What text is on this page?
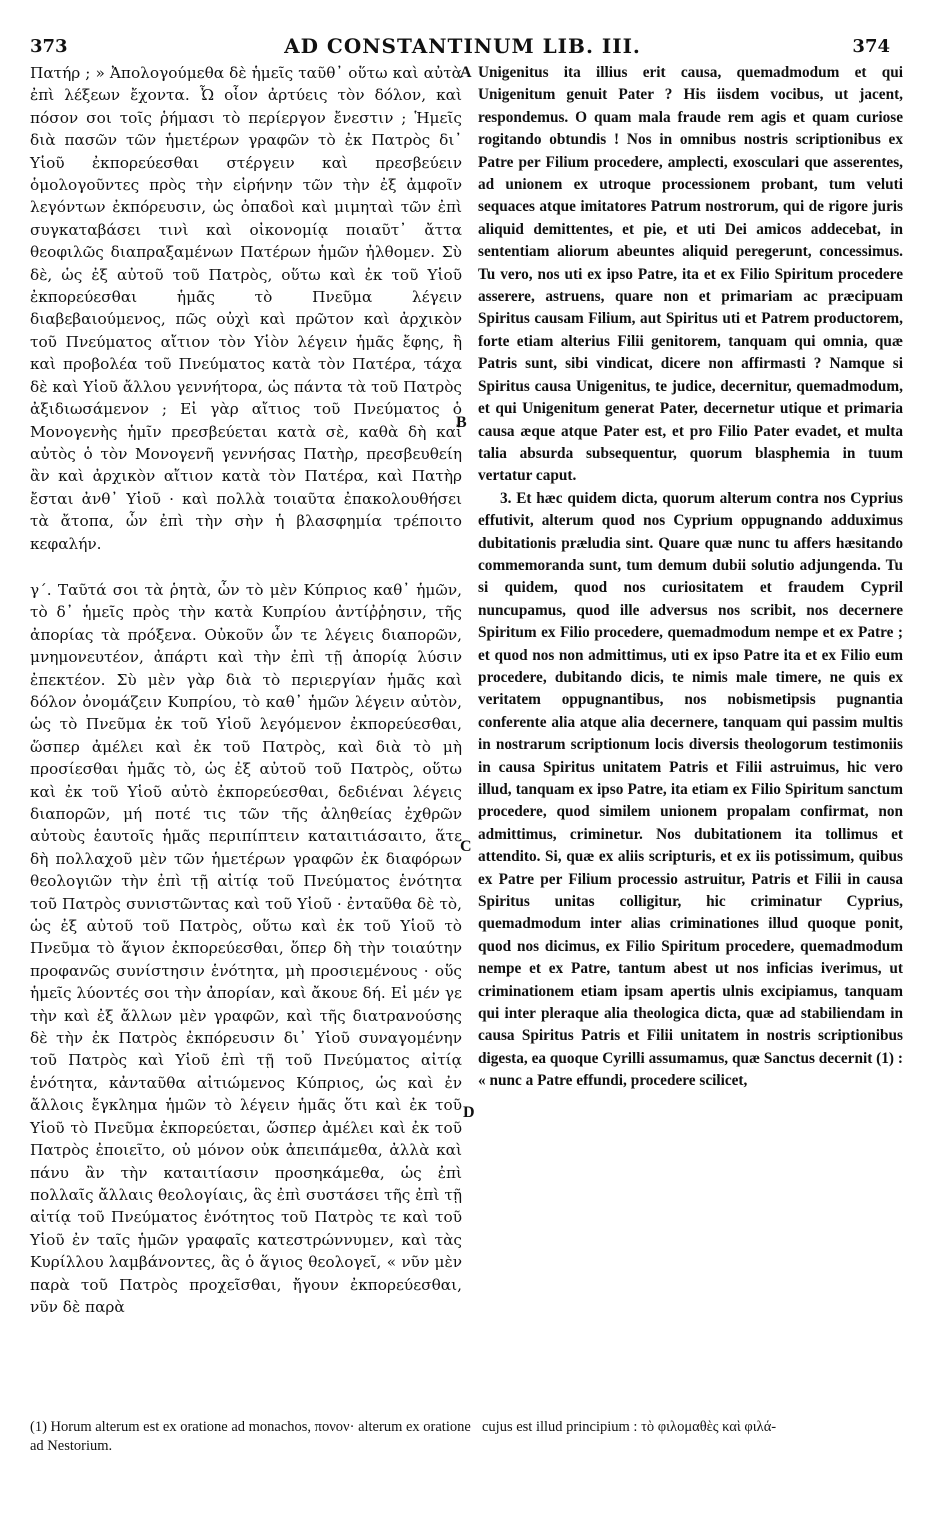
373	AD CONSTANTINUM LIB. III.	374

Πατήρ ; » Ἀπολογούμεθα δὲ ἡμεῖς ταῦθ᾽ οὕτω καὶ αὐτὰ ἐπὶ λέξεων ἔχοντα. Ὦ οἷον ἀρτύεις τὸν δόλον, καὶ πόσον σοι τοῖς ῥήμασι τὸ περίεργον ἔνεστιν ; Ἡμεῖς διὰ πασῶν τῶν ἡμετέρων γραφῶν τὸ ἐκ Πατρὸς δι᾽ Υἱοῦ ἐκπορεύεσθαι στέργειν καὶ πρεσβεύειν ὁμολογοῦντες πρὸς τὴν εἰρήνην τῶν τὴν ἐξ ἀμφοῖν λεγόντων ἐκπόρευσιν, ὡς ὀπαδοὶ καὶ μιμηταὶ τῶν ἐπὶ συγκαταβάσει τινὶ καὶ οἰκονομίᾳ ποιαῦτ᾽ ἄττα θεοφιλῶς διαπραξαμένων Πατέρων ἡμῶν ἠλθομεν. Σὺ δὲ, ὡς ἐξ αὐτοῦ τοῦ Πατρὸς, οὕτω καὶ ἐκ τοῦ Υἱοῦ ἐκπορεύεσθαι ἡμᾶς τὸ Πνεῦμα λέγειν διαβεβαιούμενος, πῶς οὐχὶ καὶ πρῶτον καὶ ἀρχικὸν τοῦ Πνεύματος αἴτιον τὸν Υἱὸν λέγειν ἡμᾶς ἔφης, ἢ καὶ προβολέα τοῦ Πνεύματος κατὰ τὸν Πατέρα, τάχα δὲ καὶ Υἱοῦ ἄλλου γεννήτορα, ὡς πάντα τὰ τοῦ Πατρὸς ἀξιδιωσάμενον ; Εἰ γὰρ αἴτιος τοῦ Πνεύματος ὁ Μονογενὴς ἡμῖν πρεσβεύεται κατὰ σὲ, καθὰ δὴ καὶ αὐτὸς ὁ τὸν Μονογενῆ γεννήσας Πατὴρ, πρεσβευθείη ἂν καὶ ἀρχικὸν αἴτιον κατὰ τὸν Πατέρα, καὶ Πατὴρ ἔσται ἀνθ᾽ Υἱοῦ · καὶ πολλὰ τοιαῦτα ἐπακολουθήσει τὰ ἄτοπα, ὧν ἐπὶ τὴν σὴν ἡ βλασφημία τρέποιτο κεφαλήν.

γ΄. Ταῦτά σοι τὰ ῥητὰ, ὧν τὸ μὲν Κύπριος καθ᾽ ἡμῶν, τὸ δ᾽ ἡμεῖς πρὸς τὴν κατὰ Κυπρίου ἀντίῤῥησιν, τῆς ἀπορίας τὰ πρόξενα. Οὐκοῦν ὧν τε λέγεις διαπορῶν, μνημονευτέον, ἀπάρτι καὶ τὴν ἐπὶ τῇ ἀπορίᾳ λύσιν ἐπεκτέον. Σὺ μὲν γὰρ διὰ τὸ περιεργίαν ἡμᾶς καὶ δόλον ὀνομάζειν Κυπρίου, τὸ καθ᾽ ἡμῶν λέγειν αὐτὸν, ὡς τὸ Πνεῦμα ἐκ τοῦ Υἱοῦ λεγόμενον ἐκπορεύεσθαι, ὥσπερ ἀμέλει καὶ ἐκ τοῦ Πατρὸς, καὶ διὰ τὸ μὴ προσίεσθαι ἡμᾶς τὸ, ὡς ἐξ αὐτοῦ τοῦ Πατρὸς, οὕτω καὶ ἐκ τοῦ Υἱοῦ αὐτὸ ἐκπορεύεσθαι, δεδιέναι λέγεις διαπορῶν, μή ποτέ τις τῶν τῆς ἀληθείας ἐχθρῶν αὐτοὺς ἑαυτοῖς ἡμᾶς περιπίπτειν καταιτιάσαιτο, ἅτε δὴ πολλαχοῦ μὲν τῶν ἡμετέρων γραφῶν ἐκ διαφόρων θεολογιῶν τὴν ἐπὶ τῇ αἰτίᾳ τοῦ Πνεύματος ἑνότητα τοῦ Πατρὸς συνιστῶντας καὶ τοῦ Υἱοῦ · ἐνταῦθα δὲ τὸ, ὡς ἐξ αὐτοῦ τοῦ Πατρὸς, οὕτω καὶ ἐκ τοῦ Υἱοῦ τὸ Πνεῦμα τὸ ἅγιον ἐκπορεύεσθαι, ὅπερ δὴ τὴν τοιαύτην προφανῶς συνίστησιν ἑνότητα, μὴ προσιεμένους · οὕς ἡμεῖς λύοντές σοι τὴν ἀπορίαν, καὶ ἄκουε δή. Εἰ μέν γε τὴν καὶ ἐξ ἄλλων μὲν γραφῶν, καὶ τῆς διατρανούσης δὲ τὴν ἐκ Πατρὸς ἐκπόρευσιν δι᾽ Υἱοῦ συναγομένην τοῦ Πατρὸς καὶ Υἱοῦ ἐπὶ τῇ τοῦ Πνεύματος αἰτίᾳ ἑνότητα, κἀνταῦθα αἰτιώμενος Κύπριος, ὡς καὶ ἐν ἄλλοις ἔγκλημα ἡμῶν τὸ λέγειν ἡμᾶς ὅτι καὶ ἐκ τοῦ Υἱοῦ τὸ Πνεῦμα ἐκπορεύεται, ὥσπερ ἀμέλει καὶ ἐκ τοῦ Πατρὸς ἐποιεῖτο, οὐ μόνον οὐκ ἀπειπάμεθα, ἀλλὰ καὶ πάνυ ἂν τὴν καταιτίασιν προσηκάμεθα, ὡς ἐπὶ πολλαῖς ἄλλαις θεολογίαις, ἃς ἐπὶ συστάσει τῆς ἐπὶ τῇ αἰτίᾳ τοῦ Πνεύματος ἑνότητος τοῦ Πατρὸς τε καὶ τοῦ Υἱοῦ ἐν ταῖς ἡμῶν γραφαῖς κατεστρώννυμεν, καὶ τὰς Κυρίλλου λαμβάνοντες, ἃς ὁ ἅγιος θεολογεῖ, « νῦν μὲν παρὰ τοῦ Πατρὸς προχεῖσθαι, ἤγουν ἐκπορεύεσθαι, νῦν δὲ παρὰ

Unigenitus ita illius erit causa, quemadmodum et qui Unigenitum genuit Pater ? His iisdem vocibus, ut jacent, respondemus. O quam mala fraude rem agis et quam curiose rogitando obtundis ! Nos in omnibus nostris scriptionibus ex Patre per Filium procedere, amplecti, exosculari que asserentes, ad unionem ex utroque processionem probant, tum veluti sequaces atque imitatores Patrum nostrorum, qui de rigore juris aliquid demittentes, et pie, et uti Dei amicos addecebat, in sententiam aliorum abeuntes aliquid peregerunt, concessimus. Tu vero, nos uti ex ipso Patre, ita et ex Filio Spiritum procedere asserere, astruens, quare non et primariam ac præcipuam Spiritus causam Filium, aut Spiritus uti et Patrem productorem, forte etiam alterius Filii genitorem, tanquam qui omnia, quæ Patris sunt, sibi vindicat, dicere non affirmasti ? Namque si Spiritus causa Unigenitus, te judice, decernitur, quemadmodum, et qui Unigenitum generat Pater, decernetur utique et primaria causa æque atque Pater est, et pro Filio Pater evadet, et multa talia absurda subsequentur, quorum blasphemia in tuum vertatur caput.

3. Et hæc quidem dicta, quorum alterum contra nos Cyprius effutivit, alterum quod nos Cyprium oppugnando adduximus dubitationis præludia sint. Quare quæ nunc tu affers hæsitando commemoranda sunt, tum demum dubii solutio adjungenda. Tu si quidem, quod nos curiositatem et fraudem Cypril nuncupamus, quod ille adversus nos scribit, nos decernere Spiritum ex Filio procedere, quemadmodum nempe et ex Patre ; et quod nos non admittimus, uti ex ipso Patre ita et ex Filio eum procedere, dubitando dicis, te nimis male timere, ne quis ex veritatem oppugnantibus, nos nobismetipsis pugnantia conferente alia atque alia decernere, tanquam qui passim multis in nostrarum scriptionum locis diversis theologorum testimoniis in causa Spiritus unitatem Patris et Filii astruimus, hic vero illud, tanquam ex ipso Patre, ita etiam ex Filio Spiritum sanctum procedere, quod similem unionem propalam confirmat, non admittimus, criminetur. Nos dubitationem ita tollimus et attendito. Si, quæ ex aliis scripturis, et ex iis potissimum, quibus ex Patre per Filium processio astruitur, Patris et Filii in causa Spiritus unitas colligitur, hic criminatur Cyprius, quemadmodum inter alias criminationes illud quoque ponit, quod nos dicimus, ex Filio Spiritum procedere, quemadmodum nempe et ex Patre, tantum abest ut nos inficias iverimus, ut criminationem etiam ipsam apertis ulnis excipiamus, tanquam qui inter pleraque alia theologica dicta, quæ ad stabiliendam in causa Spiritus Patris et Filii unitatem in nostris scriptionibus digesta, ea quoque Cyrilli assumamus, quæ Sanctus decernit (1) : « nunc a Patre effundi, procedere scilicet,

A
B
C
D
(1) Horum alterum est ex oratione ad monachos, πονον· alterum ex oratione ad Nestorium.
cujus est illud principium : τὸ φιλομαθὲς καὶ φιλά-
